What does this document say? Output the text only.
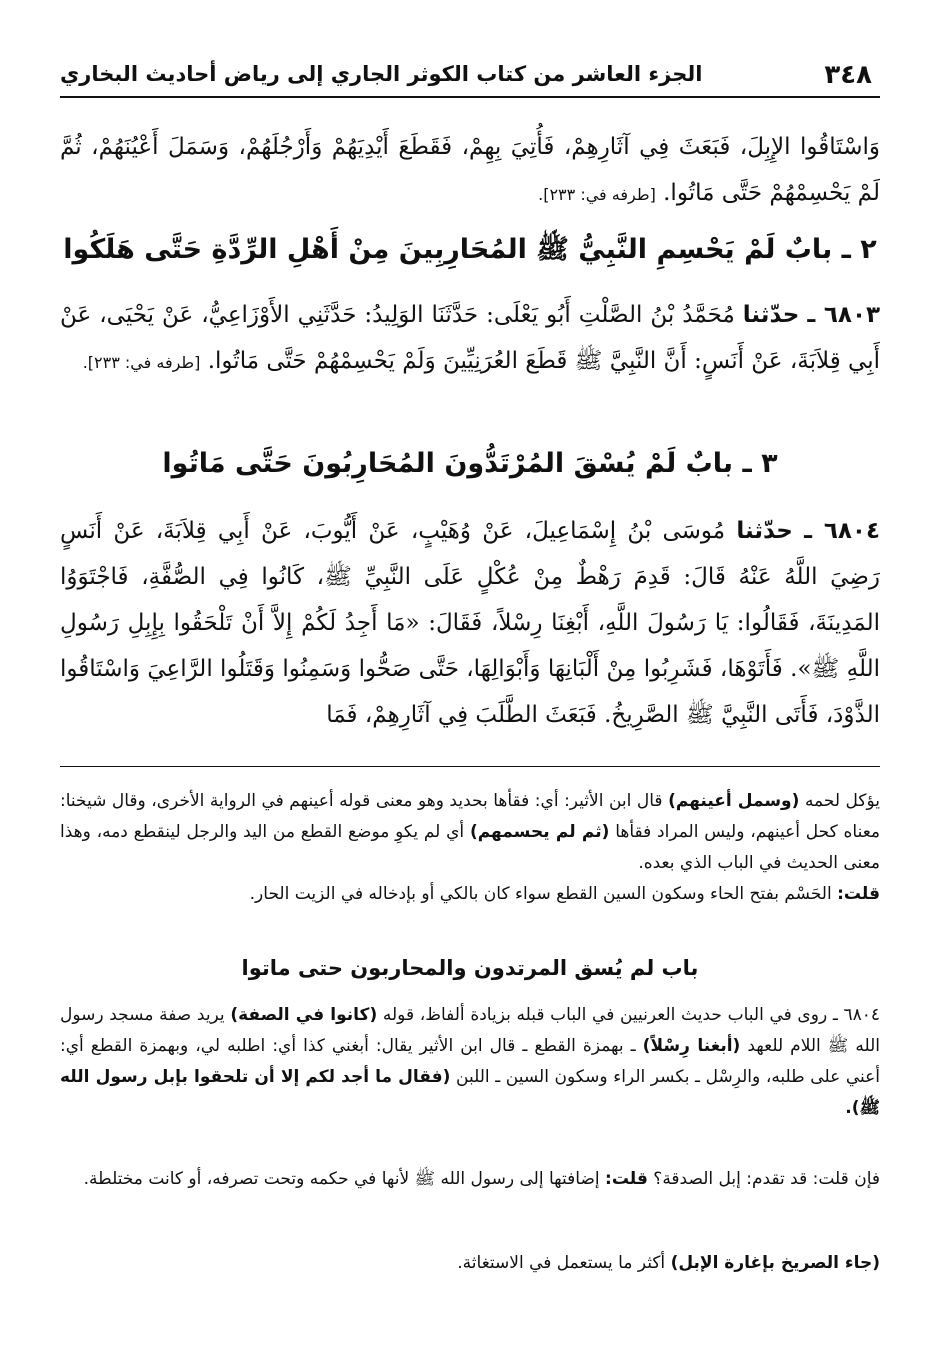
٣٤٨
الجزء العاشر من كتاب الكوثر الجاري إلى رياض أحاديث البخاري

وَاسْتَاقُوا الإِبِلَ، فَبَعَثَ فِي آثَارِهِمْ، فَأُتِيَ بِهِمْ، فَقَطَعَ أَيْدِيَهُمْ وَأَرْجُلَهُمْ، وَسَمَلَ أَعْيُنَهُمْ، ثُمَّ لَمْ يَحْسِمْهُمْ حَتَّى مَاتُوا. [طرفه في: ٢٣٣].

٢ ـ بابٌ لَمْ يَحْسِمِ النَّبِيُّ ﷺ المُحَارِبِينَ مِنْ أَهْلِ الرِّدَّةِ حَتَّى هَلَكُوا

٦٨٠٣ ـ حدّثنا مُحَمَّدُ بْنُ الصَّلْتِ أَبُو يَعْلَى: حَدَّثَنَا الوَلِيدُ: حَدَّثَنِي الأَوْزَاعِيُّ، عَنْ يَحْيَى، عَنْ أَبِي قِلاَبَةَ، عَنْ أَنَسٍ: أَنَّ النَّبِيَّ ﷺ قَطَعَ العُرَنِيِّينَ وَلَمْ يَحْسِمْهُمْ حَتَّى مَاتُوا. [طرفه في: ٢٣٣].

٣ ـ بابٌ لَمْ يُسْقَ المُرْتَدُّونَ المُحَارِبُونَ حَتَّى مَاتُوا

٦٨٠٤ ـ حدّثنا مُوسَى بْنُ إِسْمَاعِيلَ، عَنْ وُهَيْبٍ، عَنْ أَيُّوبَ، عَنْ أَبِي قِلاَبَةَ، عَنْ أَنَسٍ رَضِيَ اللَّهُ عَنْهُ قَالَ: قَدِمَ رَهْطٌ مِنْ عُكْلٍ عَلَى النَّبِيِّ ﷺ، كَانُوا فِي الصُّفَّةِ، فَاجْتَوَوُا المَدِينَةَ، فَقَالُوا: يَا رَسُولَ اللَّهِ، أَبْغِنَا رِسْلاً، فَقَالَ: «مَا أَجِدُ لَكُمْ إِلاَّ أَنْ تَلْحَقُوا بِإِبِلِ رَسُولِ اللَّهِ ﷺ». فَأَتَوْهَا، فَشَرِبُوا مِنْ أَلْبَانِهَا وَأَبْوَالِهَا، حَتَّى صَحُّوا وَسَمِنُوا وَقَتَلُوا الرَّاعِيَ وَاسْتَاقُوا الذَّوْدَ، فَأَتَى النَّبِيَّ ﷺ الصَّرِيخُ. فَبَعَثَ الطَّلَبَ فِي آثَارِهِمْ، فَمَا

يؤكل لحمه (وسمل أعينهم) قال ابن الأثير: أي: فقأها بحديد وهو معنى قوله أعينهم في الرواية الأخرى، وقال شيخنا: معناه كحل أعينهم، وليس المراد فقأها (ثم لم يحسمهم) أي لم يكوِ موضع القطع من اليد والرجل لينقطع دمه، وهذا معنى الحديث في الباب الذي بعده.

قلت: الحَسْم بفتح الحاء وسكون السين القطع سواء كان بالكي أو بإدخاله في الزيت الحار.

باب لم يُسق المرتدون والمحاربون حتى ماتوا

٦٨٠٤ ـ روى في الباب حديث العرنيين في الباب قبله بزيادة ألفاظ، قوله (كانوا في الصفة) يريد صفة مسجد رسول الله ﷺ اللام للعهد (أبغنا رِسْلاً) ـ بهمزة القطع ـ قال ابن الأثير يقال: أبغني كذا أي: اطلبه لي، وبهمزة القطع أي: أعني على طلبه، والرِسْل ـ بكسر الراء وسكون السين ـ اللبن (فقال ما أجد لكم إلا أن تلحقوا بإبل رسول الله ﷺ).

فإن قلت: قد تقدم: إبل الصدقة؟ قلت: إضافتها إلى رسول الله ﷺ لأنها في حكمه وتحت تصرفه، أو كانت مختلطة.

(جاء الصريخ بإغارة الإبل) أكثر ما يستعمل في الاستغاثة.
